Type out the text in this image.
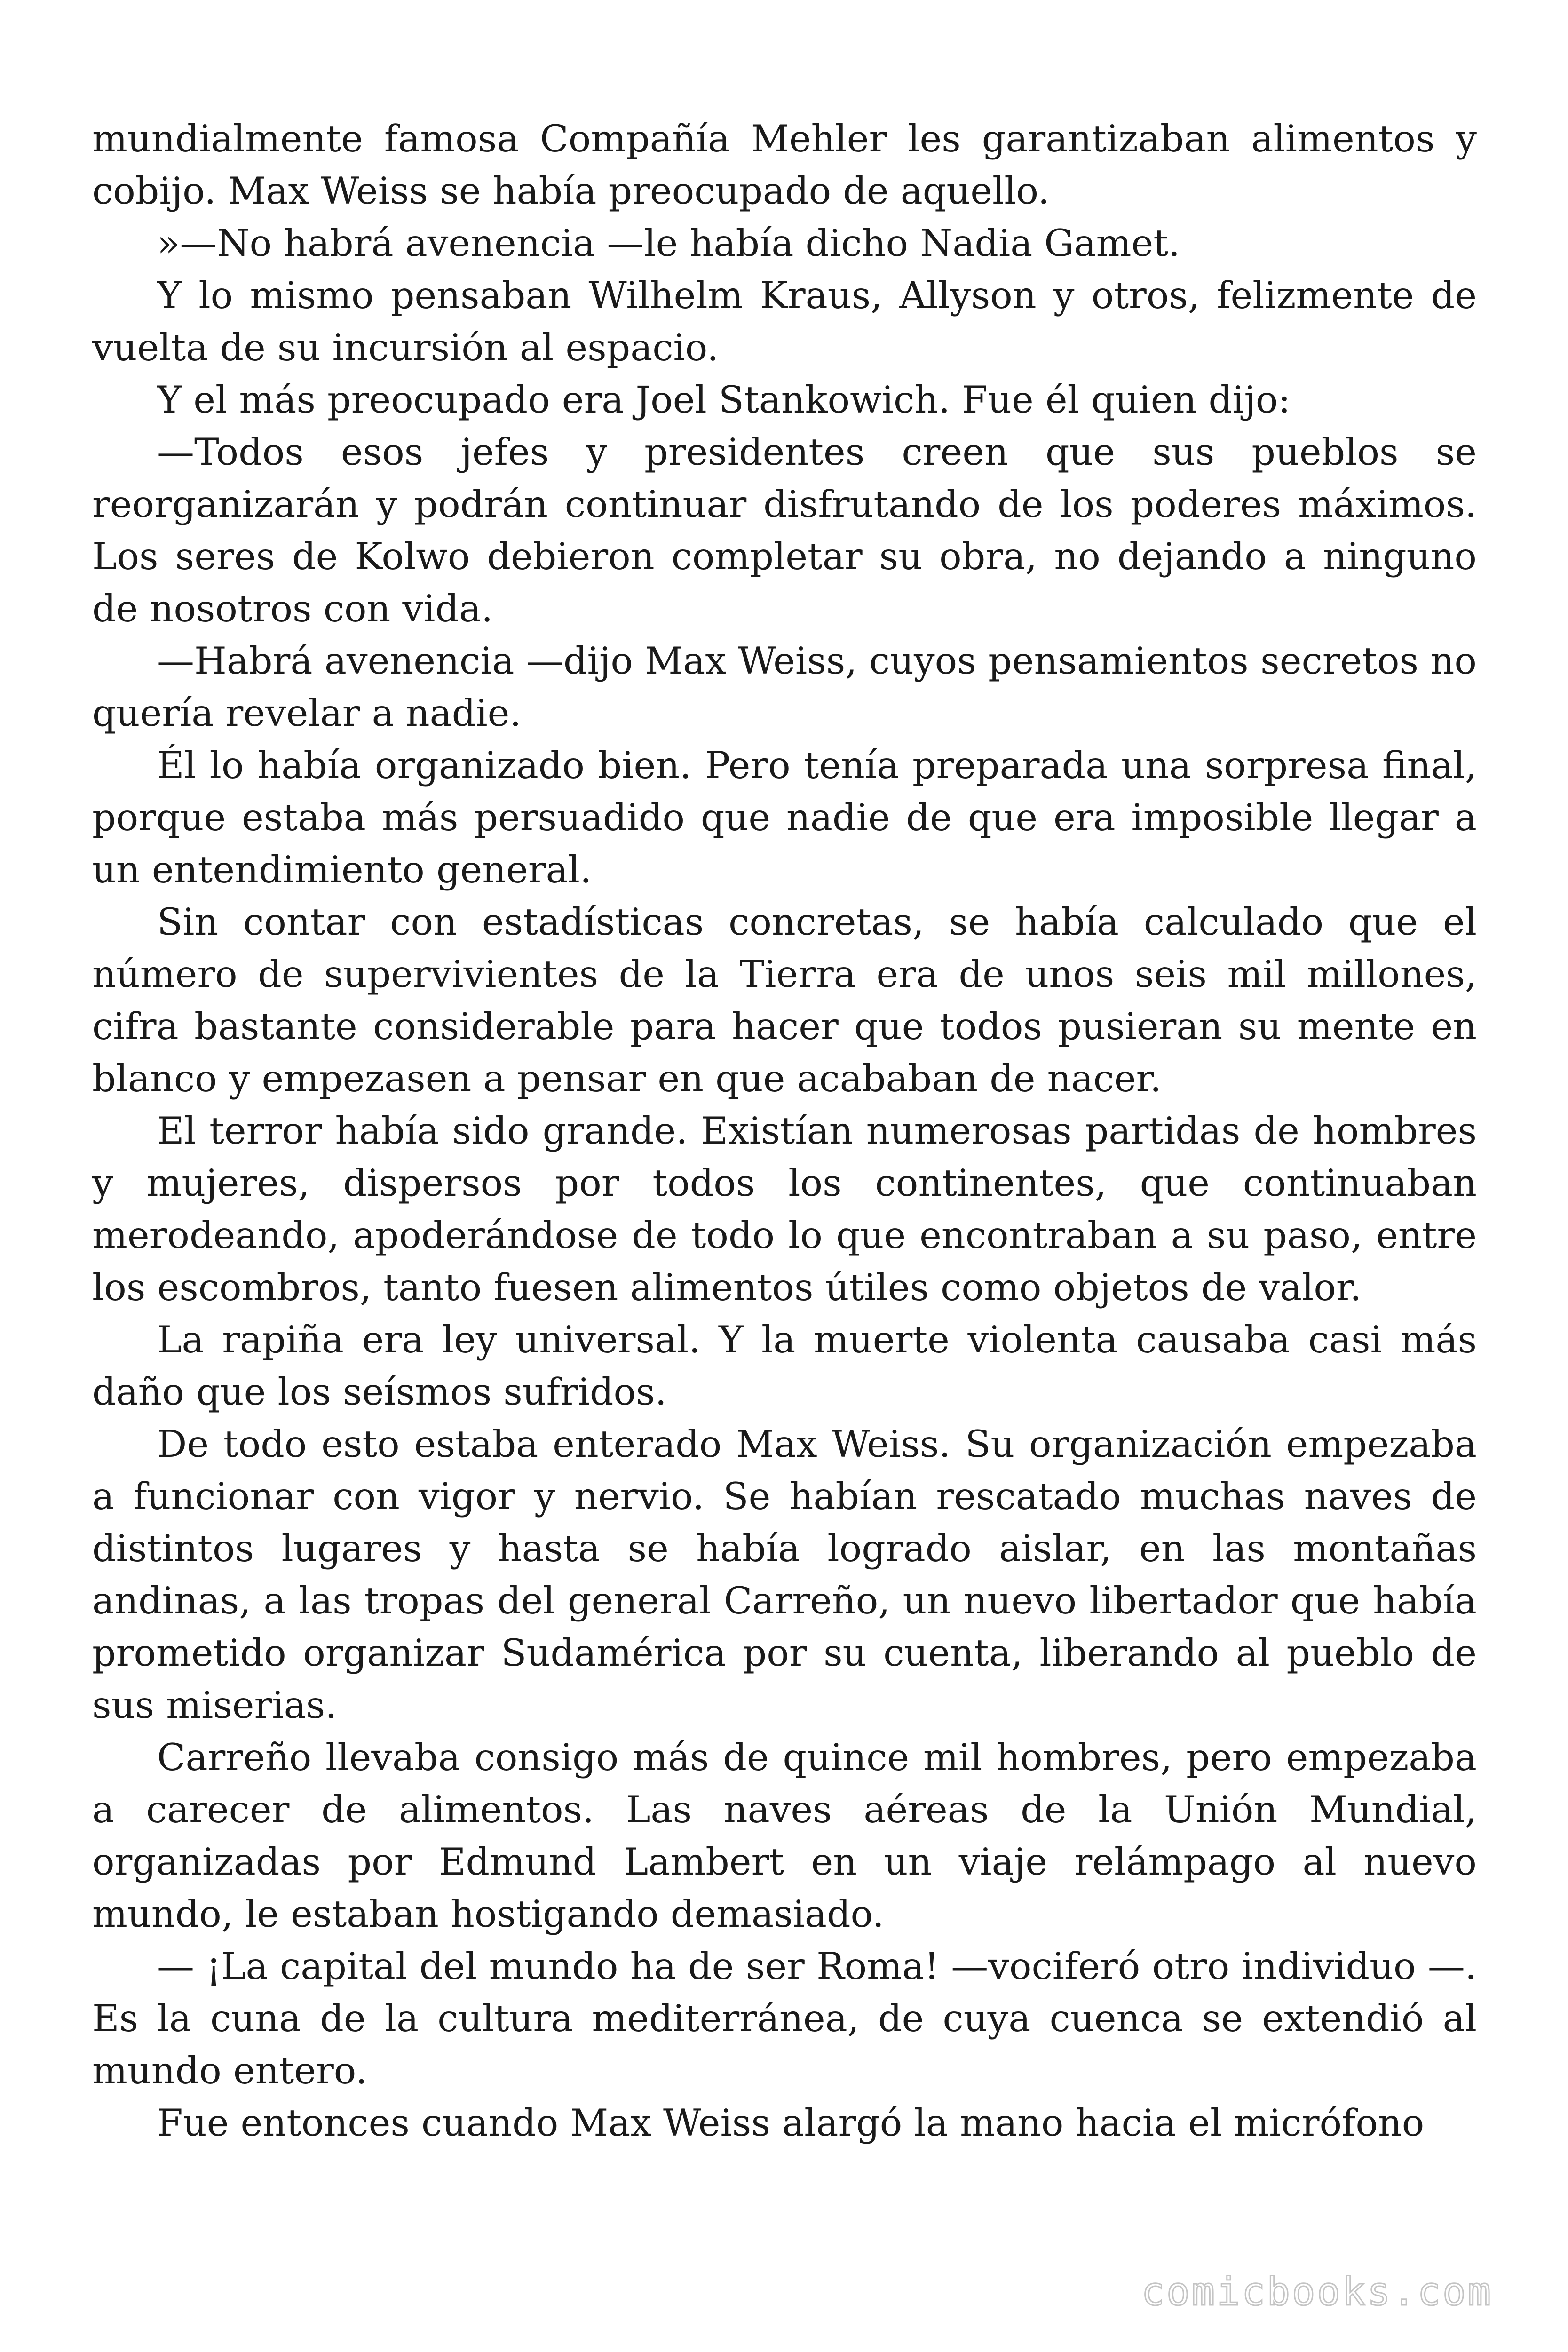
mundialmente famosa Compañía Mehler les garantizaban alimentos y cobijo. Max Weiss se había preocupado de aquello.

»—No habrá avenencia —le había dicho Nadia Gamet.

Y lo mismo pensaban Wilhelm Kraus, Allyson y otros, felizmente de vuelta de su incursión al espacio.

Y el más preocupado era Joel Stankowich. Fue él quien dijo:

—Todos esos jefes y presidentes creen que sus pueblos se reorganizarán y podrán continuar disfrutando de los poderes máximos. Los seres de Kolwo debieron completar su obra, no dejando a ninguno de nosotros con vida.

—Habrá avenencia —dijo Max Weiss, cuyos pensamientos secretos no quería revelar a nadie.

Él lo había organizado bien. Pero tenía preparada una sorpresa final, porque estaba más persuadido que nadie de que era imposible llegar a un entendimiento general.

Sin contar con estadísticas concretas, se había calculado que el número de supervivientes de la Tierra era de unos seis mil millones, cifra bastante considerable para hacer que todos pusieran su mente en blanco y empezasen a pensar en que acababan de nacer.

El terror había sido grande. Existían numerosas partidas de hombres y mujeres, dispersos por todos los continentes, que continuaban merodeando, apoderándose de todo lo que encontraban a su paso, entre los escombros, tanto fuesen alimentos útiles como objetos de valor.

La rapiña era ley universal. Y la muerte violenta causaba casi más daño que los seísmos sufridos.

De todo esto estaba enterado Max Weiss. Su organización empezaba a funcionar con vigor y nervio. Se habían rescatado muchas naves de distintos lugares y hasta se había logrado aislar, en las montañas andinas, a las tropas del general Carreño, un nuevo libertador que había prometido organizar Sudamérica por su cuenta, liberando al pueblo de sus miserias.

Carreño llevaba consigo más de quince mil hombres, pero empezaba a carecer de alimentos. Las naves aéreas de la Unión Mundial, organizadas por Edmund Lambert en un viaje relámpago al nuevo mundo, le estaban hostigando demasiado.

— ¡La capital del mundo ha de ser Roma! —vociferó otro individuo —. Es la cuna de la cultura mediterránea, de cuya cuenca se extendió al mundo entero.

Fue entonces cuando Max Weiss alargó la mano hacia el micrófono

comicbooks.com
